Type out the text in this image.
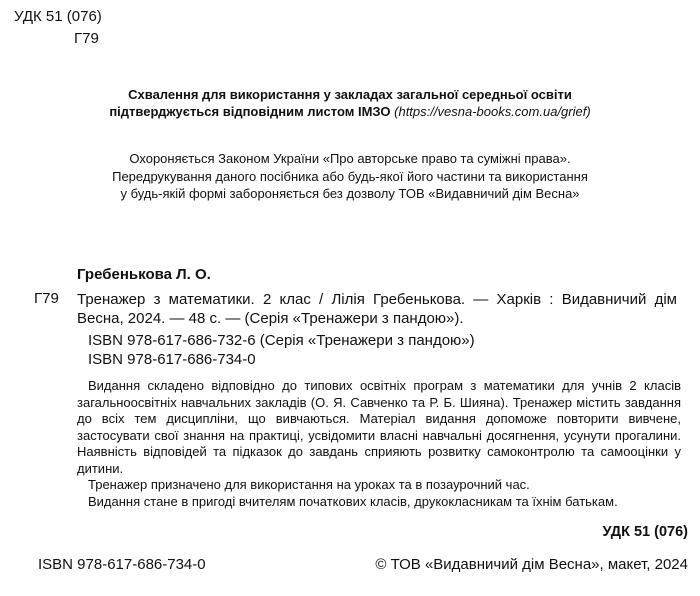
УДК 51 (076)
Г79
Схвалення для використання у закладах загальної середньої освіти
підтверджується відповідним листом ІМЗО (https://vesna-books.com.ua/grief)
Охороняється Законом України «Про авторське право та суміжні права».
Передрукування даного посібника або будь-якої його частини та використання
у будь-якій формі забороняється без дозволу ТОВ «Видавничий дім Весна»
Гребенькова Л. О.
Г79 Тренажер з математики. 2 клас / Лілія Гребенькова. — Харків : Видавничий дім Весна, 2024. — 48 с. — (Серія «Тренажери з пандою»).
ISBN 978-617-686-732-6 (Серія «Тренажери з пандою»)
ISBN 978-617-686-734-0

Видання складено відповідно до типових освітніх програм з математики для учнів 2 класів загальноосвітніх навчальних закладів (О. Я. Савченко та Р. Б. Шияна). Тренажер містить завдання до всіх тем дисципліни, що вивчаються. Матеріал видання допоможе повторити вивчене, застосувати свої знання на практиці, усвідомити власні навчальні досягнення, усунути прогалини. Наявність відповідей та підказок до завдань сприяють розвитку самоконтролю та самооцінки у дитини.

Тренажер призначено для використання на уроках та в позаурочний час.

Видання стане в пригоді вчителям початкових класів, друкокласникам та їхнім батькам.

УДК 51 (076)
ISBN 978-617-686-734-0	© ТОВ «Видавничий дім Весна», макет, 2024
